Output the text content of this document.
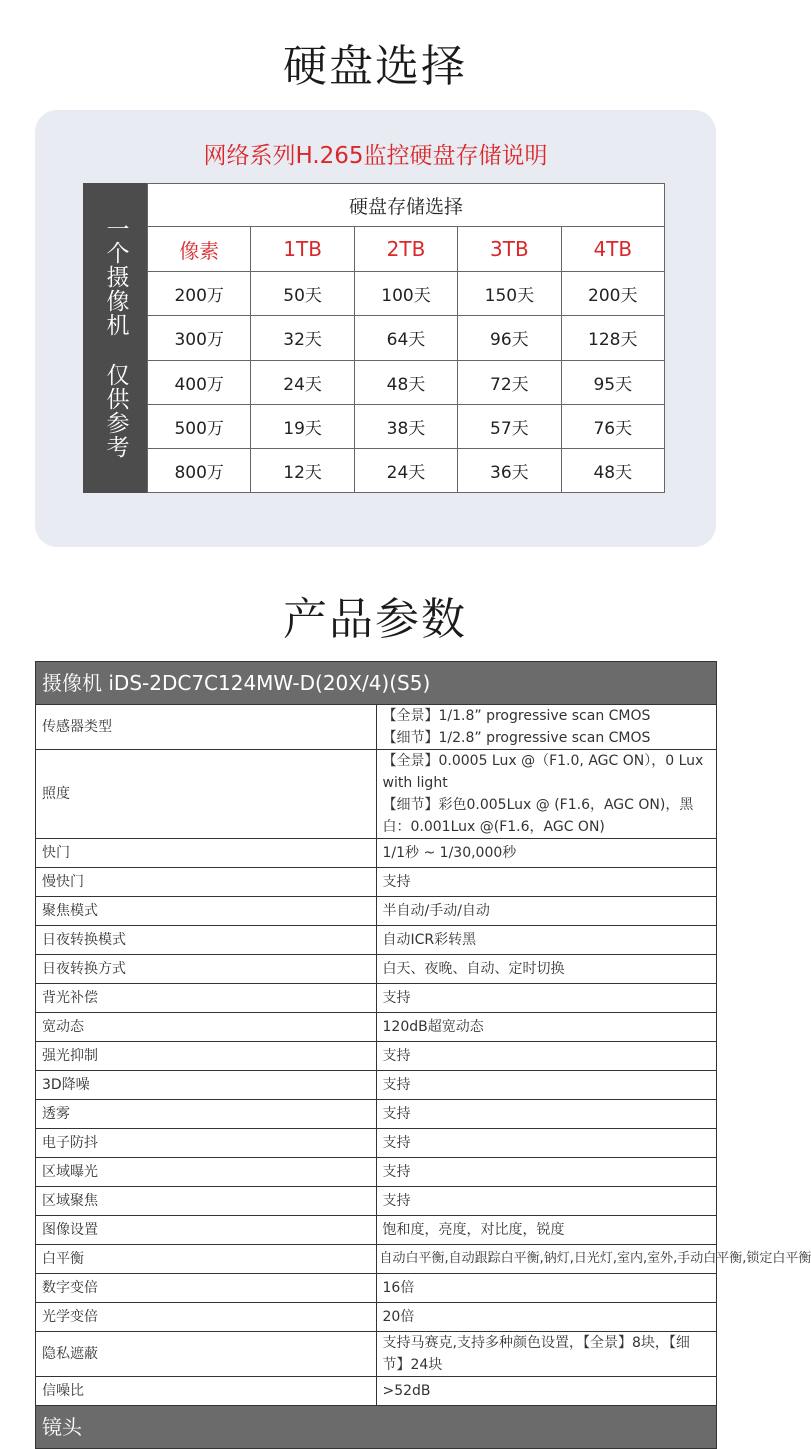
硬盘选择
网络系列H.265监控硬盘存储说明
一个摄像机
仅供参考
硬盘存储选择				
像素	1TB	2TB	3TB	4TB
200万	50天	100天	150天	200天
300万	32天	64天	96天	128天
400万	24天	48天	72天	95天
500万	19天	38天	57天	76天
800万	12天	24天	36天	48天
产品参数
摄像机 iDS-2DC7C124MW-D(20X/4)(S5)	
传感器类型	【全景】1/1.8” progressive scan CMOS
【细节】1/2.8” progressive scan CMOS

照度	【全景】0.0005 Lux @（F1.0, AGC ON），0 Lux with light
【细节】彩色0.005Lux @ (F1.6，AGC ON)，黑白：0.001Lux @(F1.6，AGC ON)

快门	1/1秒 ~ 1/30,000秒
慢快门	支持
聚焦模式	半自动/手动/自动
日夜转换模式	自动ICR彩转黑
日夜转换方式	白天、夜晚、自动、定时切换
背光补偿	支持
宽动态	120dB超宽动态
强光抑制	支持
3D降噪	支持
透雾	支持
电子防抖	支持
区域曝光	支持
区域聚焦	支持
图像设置	饱和度，亮度，对比度，锐度
白平衡	自动白平衡,自动跟踪白平衡,钠灯,日光灯,室内,室外,手动白平衡,锁定白平衡
数字变倍	16倍
光学变倍	20倍
隐私遮蔽	支持马赛克,支持多种颜色设置，【全景】8块，【细节】24块
信噪比	>52dB
镜头	
